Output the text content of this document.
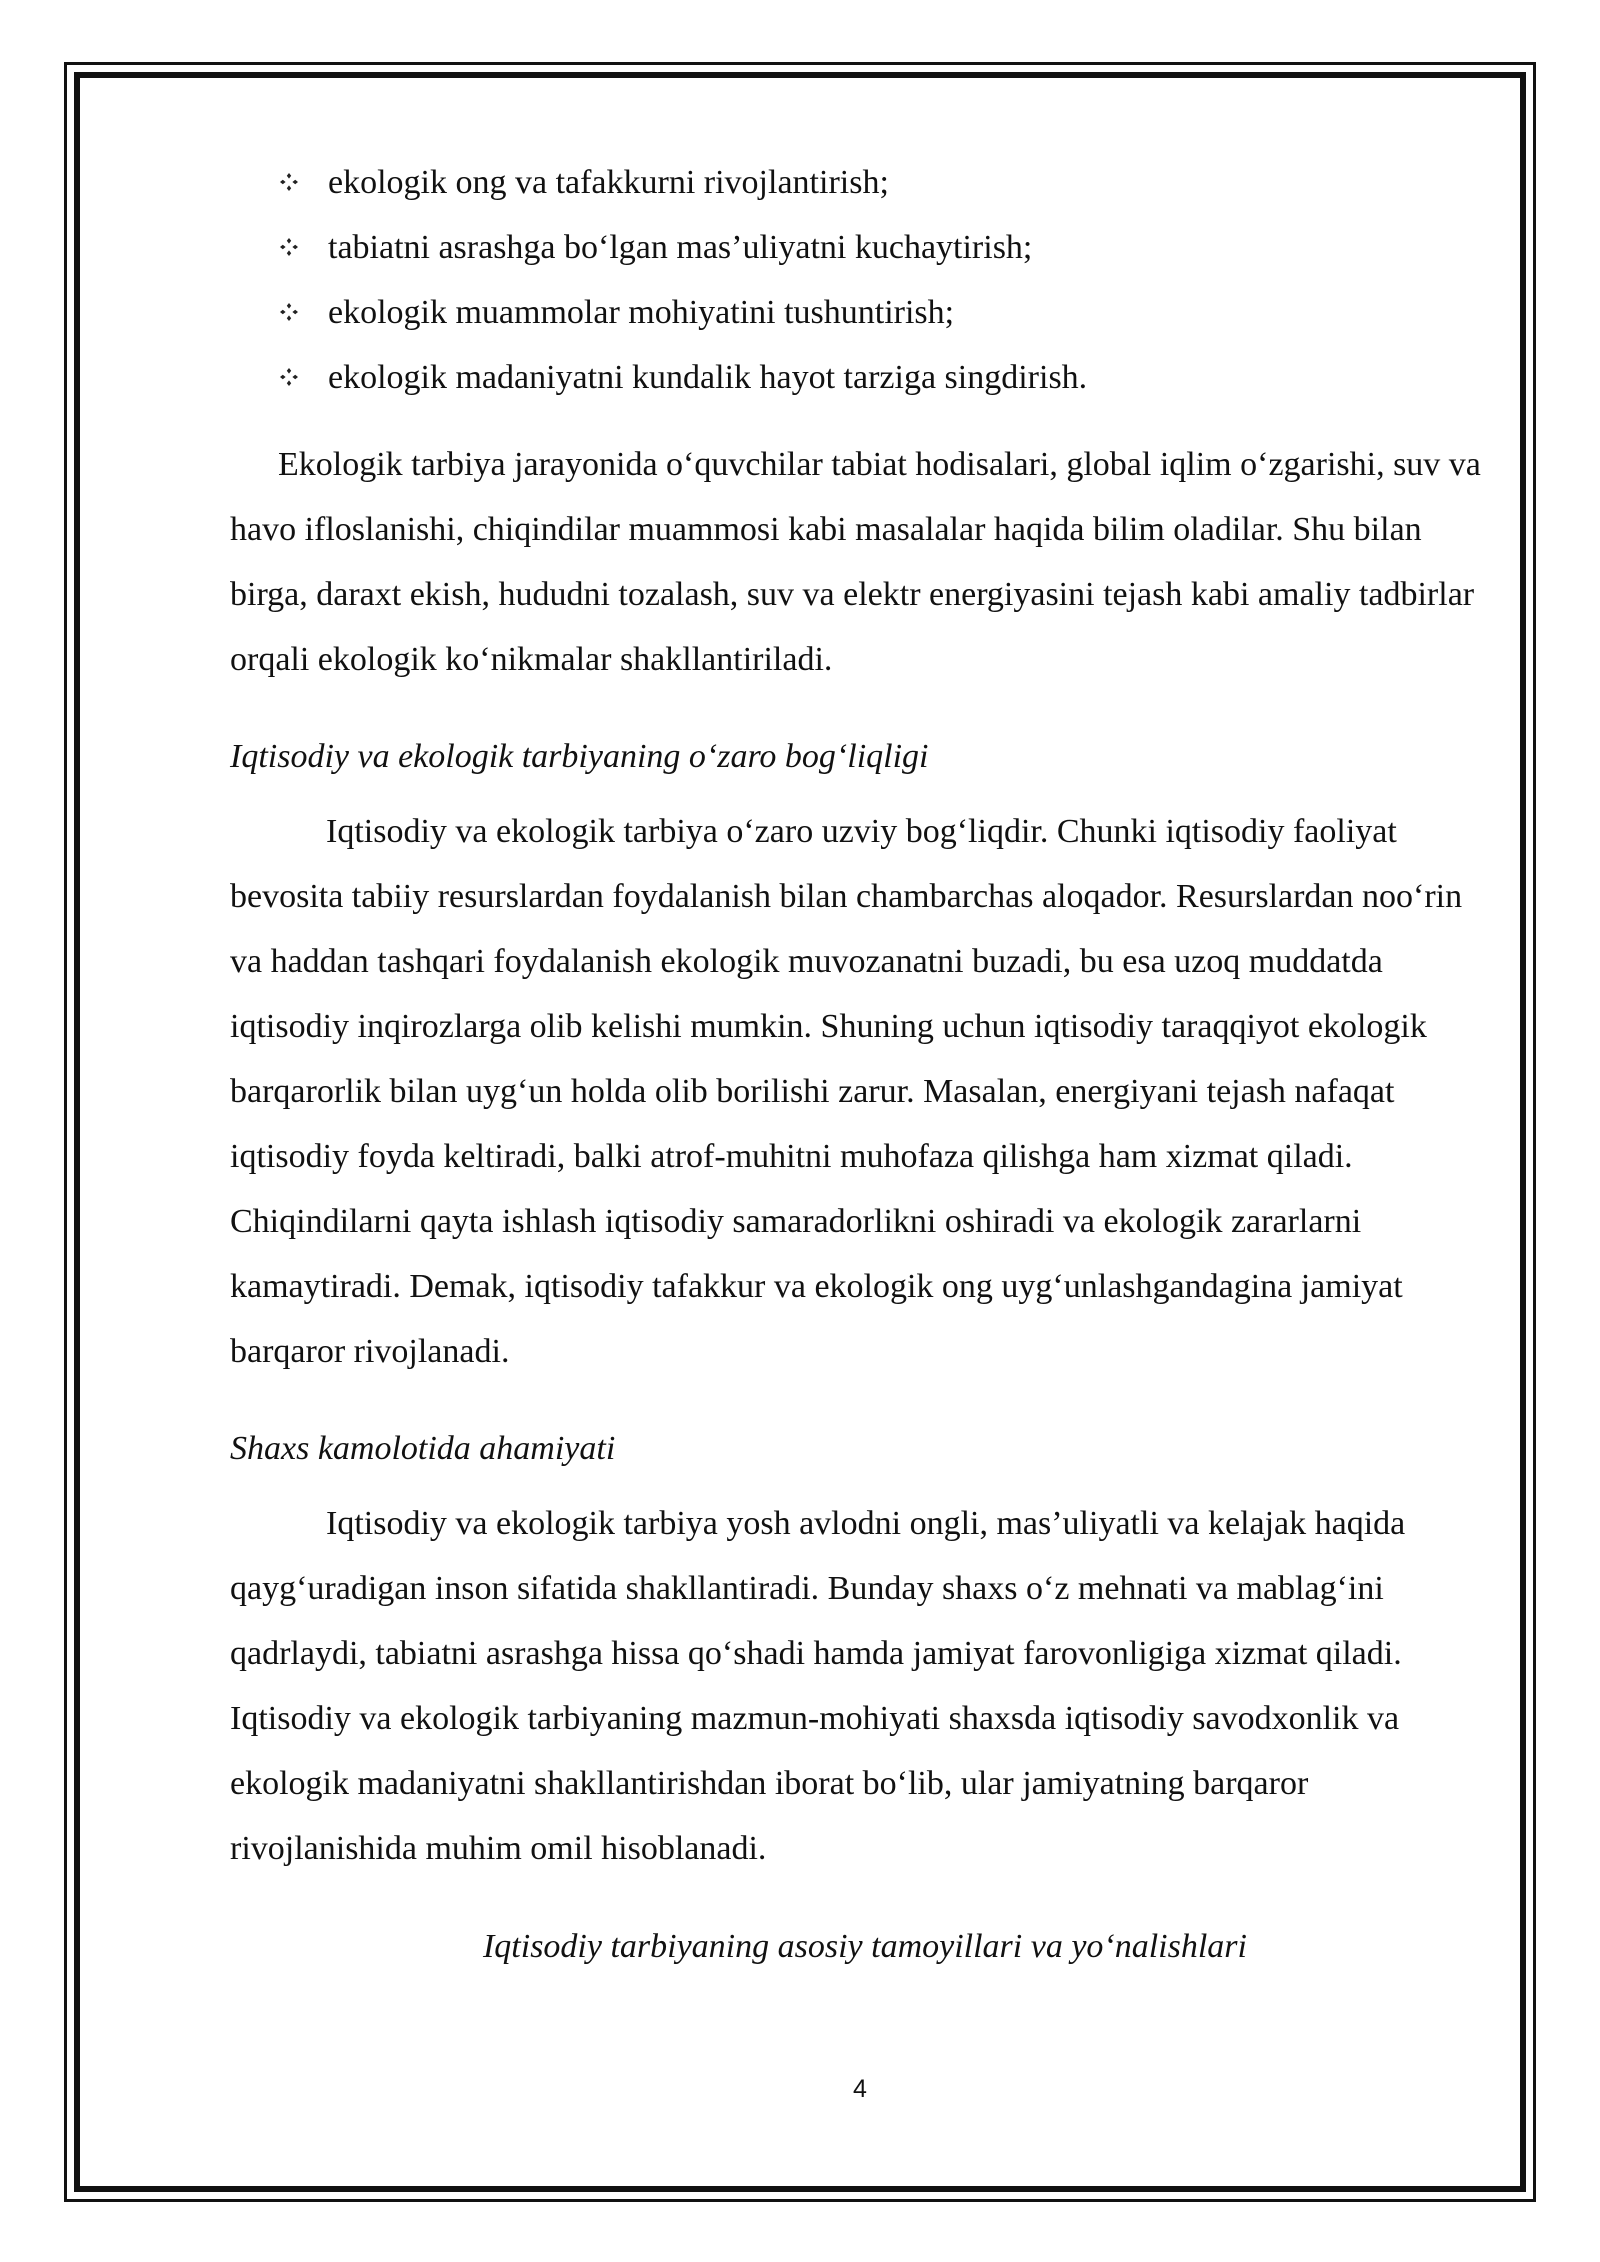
ekologik ong va tafakkurni rivojlantirish;
tabiatni asrashga bo‘lgan mas’uliyatni kuchaytirish;
ekologik muammolar mohiyatini tushuntirish;
ekologik madaniyatni kundalik hayot tarziga singdirish.

Ekologik tarbiya jarayonida o‘quvchilar tabiat hodisalari, global iqlim o‘zgarishi, suv va havo ifloslanishi, chiqindilar muammosi kabi masalalar haqida bilim oladilar. Shu bilan birga, daraxt ekish, hududni tozalash, suv va elektr energiyasini tejash kabi amaliy tadbirlar orqali ekologik ko‘nikmalar shakllantiriladi.

Iqtisodiy va ekologik tarbiyaning o‘zaro bog‘liqligi

Iqtisodiy va ekologik tarbiya o‘zaro uzviy bog‘liqdir. Chunki iqtisodiy faoliyat bevosita tabiiy resurslardan foydalanish bilan chambarchas aloqador. Resurslardan noo‘rin va haddan tashqari foydalanish ekologik muvozanatni buzadi, bu esa uzoq muddatda iqtisodiy inqirozlarga olib kelishi mumkin. Shuning uchun iqtisodiy taraqqiyot ekologik barqarorlik bilan uyg‘un holda olib borilishi zarur. Masalan, energiyani tejash nafaqat iqtisodiy foyda keltiradi, balki atrof-muhitni muhofaza qilishga ham xizmat qiladi. Chiqindilarni qayta ishlash iqtisodiy samaradorlikni oshiradi va ekologik zararlarni kamaytiradi. Demak, iqtisodiy tafakkur va ekologik ong uyg‘unlashgandagina jamiyat barqaror rivojlanadi.

Shaxs kamolotida ahamiyati

Iqtisodiy va ekologik tarbiya yosh avlodni ongli, mas’uliyatli va kelajak haqida qayg‘uradigan inson sifatida shakllantiradi. Bunday shaxs o‘z mehnati va mablag‘ini qadrlaydi, tabiatni asrashga hissa qo‘shadi hamda jamiyat farovonligiga xizmat qiladi. Iqtisodiy va ekologik tarbiyaning mazmun-mohiyati shaxsda iqtisodiy savodxonlik va ekologik madaniyatni shakllantirishdan iborat bo‘lib, ular jamiyatning barqaror rivojlanishida muhim omil hisoblanadi.

Iqtisodiy tarbiyaning asosiy tamoyillari va yo‘nalishlari

4
